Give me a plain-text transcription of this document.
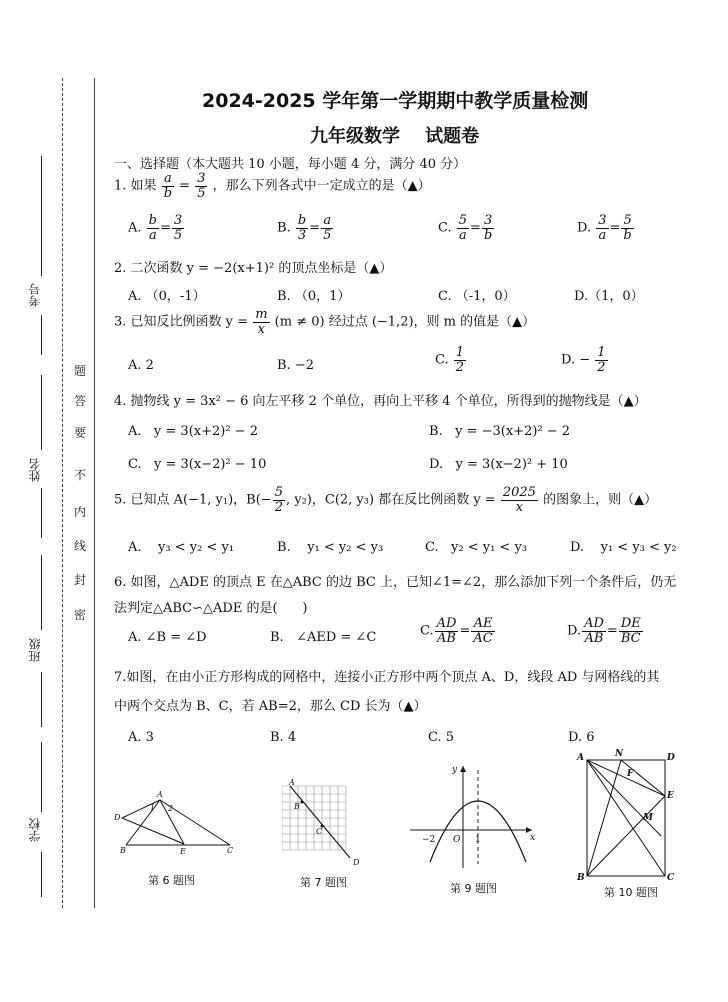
考号
姓名
班级
学校
题
答
要
不
内
线
封
密
2024-2025 学年第一学期期中教学质量检测
九年级数学    试题卷
一、选择题（本大题共 10 小题，每小题 4 分，满分 40 分）
1. 如果 $\frac{a}{b} = \frac{3}{5}$ ，那么下列各式中一定成立的是（▲）
A. $\frac{b}{a} = \frac{3}{5}$	B. $\frac{b}{3} = \frac{a}{5}$	C. $\frac{5}{a} = \frac{3}{b}$	D. $\frac{3}{a} = \frac{5}{b}$
2. 二次函数 y = −2(x+1)² 的顶点坐标是（▲）
A. （0，-1）	B. （0，1）	C. （-1，0）	D.（1，0）
3. 已知反比例函数 $y = \frac{m}{x} (m \ne 0)$ 经过点 (−1,2)，则 m 的值是（▲）
A. 2	B. −2	C. $\frac{1}{2}$	D. − $\frac{1}{2}$
4. 抛物线 y = 3x² − 6 向左平移 2 个单位，再向上平移 4 个单位，所得到的抛物线是（▲）
A.   y = 3(x+2)² − 2	B.   y = −3(x+2)² − 2
C.   y = 3(x−2)² − 10	D.   y = 3(x−2)² + 10
5. 已知点 A(−1, y₁)，$B(- \frac{5}{2}$ , y₂)，C(2, y₃) 都在反比例函数 $y = \frac{2025}{x}$ 的图象上，则（▲）
A.    y₃ < y₂ < y₁	B.    y₁ < y₂ < y₃	C.   y₂ < y₁ < y₃	D.    y₁ < y₃ < y₂
6. 如图，△ADE 的顶点 E 在△ABC 的边 BC 上，已知∠1=∠2，那么添加下列一个条件后，仍无
法判定△ABC∽△ADE 的是(      )
A. ∠B = ∠D	B.   ∠AED = ∠C	C. $\frac{AD}{AB} = \frac{AE}{AC}$	D. $\frac{AD}{AB} = \frac{DE}{BC}$
7.如图，在由小正方形构成的网格中，连接小正方形中两个顶点 A、D，线段 AD 与网格线的其
中两个交点为 B、C，若 AB=2，那么 CD 长为（▲）
A. 3	B. 4	C. 5	D. 6
A
1 2
D
B	E	C
第 6 题图
A
B
C
D
第 7 题图
y
−2 O 1	x
第 9 题图
A	N	D
F
E
M
B	C
第 10 题图
